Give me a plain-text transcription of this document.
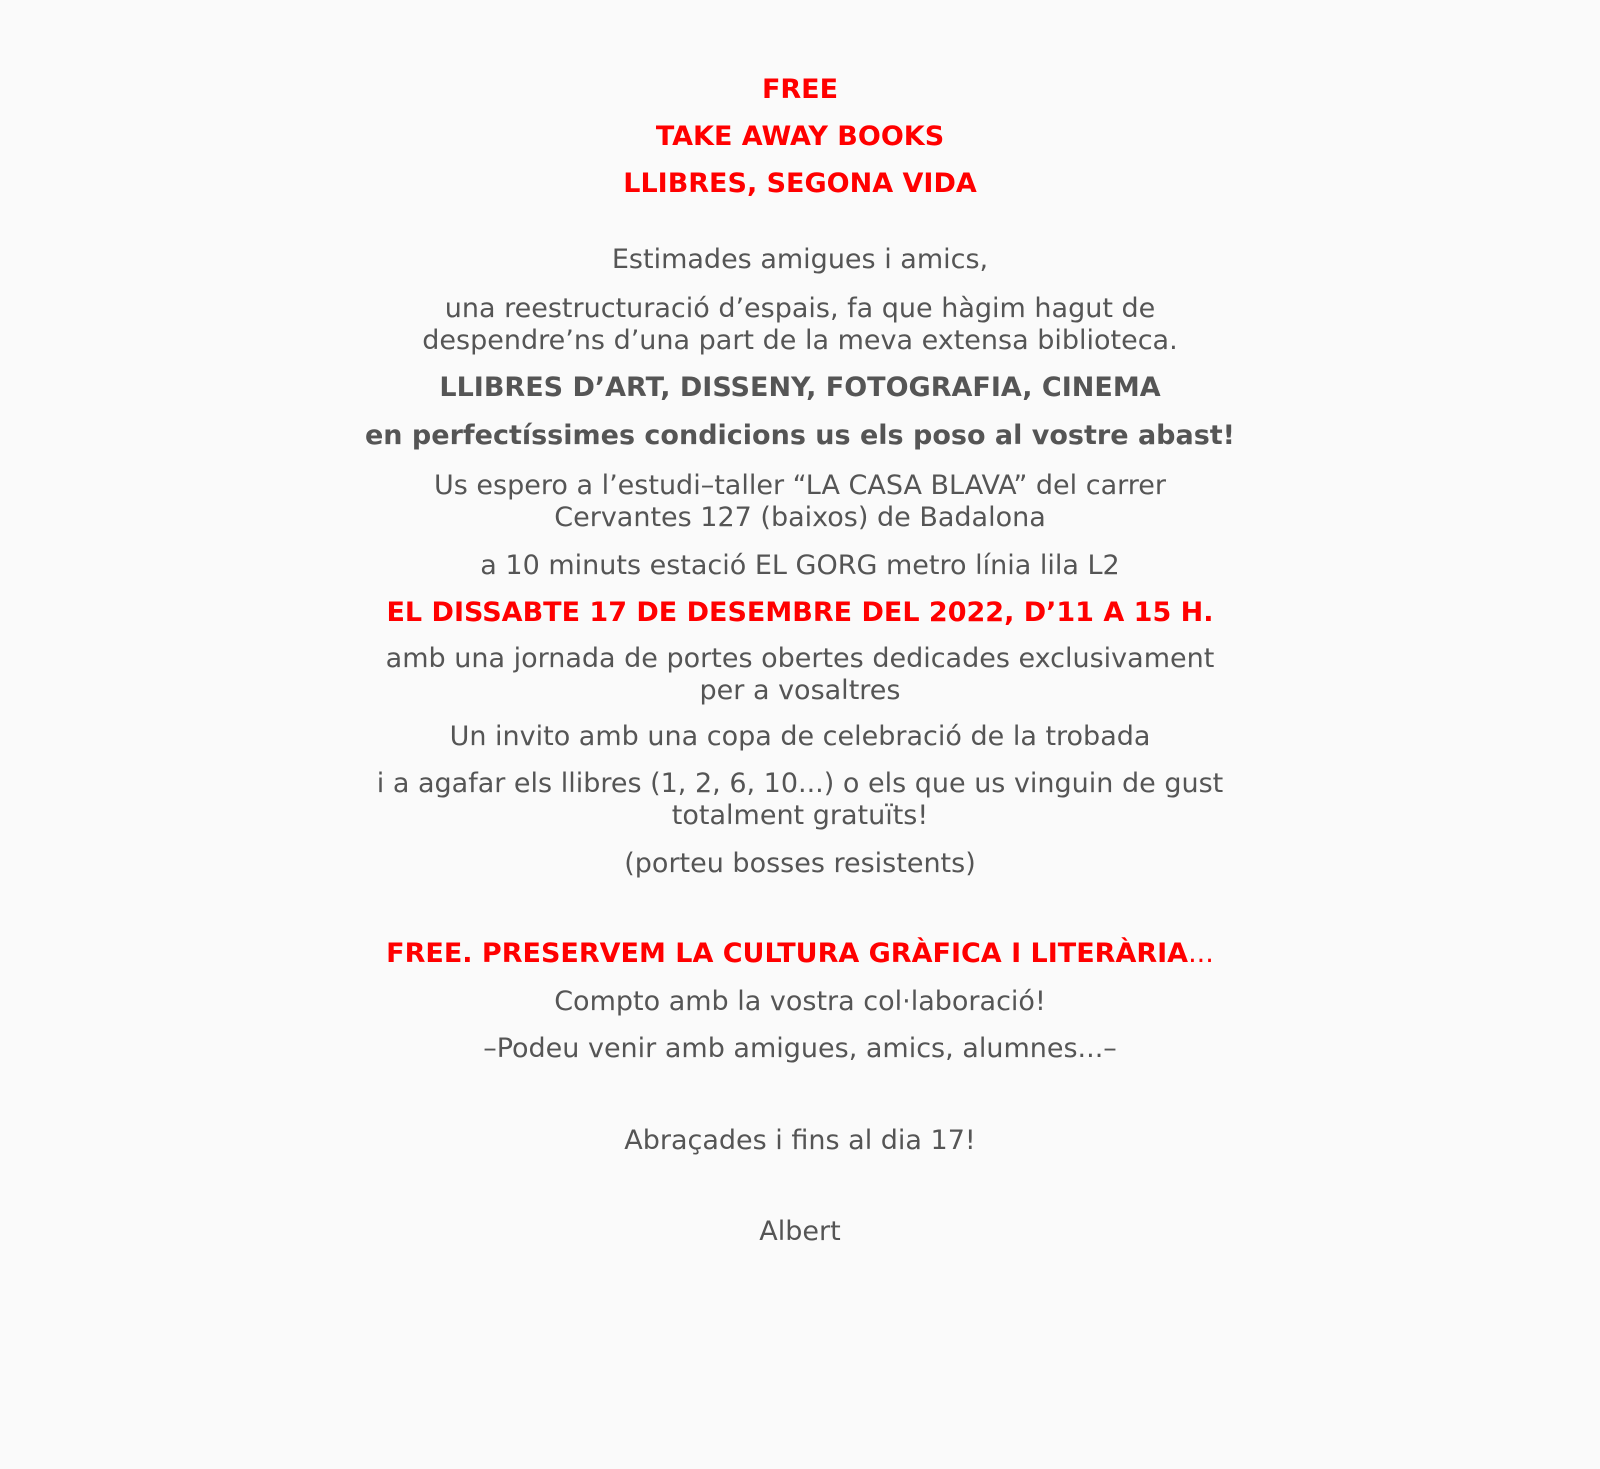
FREE

TAKE AWAY BOOKS

LLIBRES, SEGONA VIDA

Estimades amigues i amics,

una reestructuració d’espais, fa que hàgim hagut de

despendre’ns d’una part de la meva extensa biblioteca.

LLIBRES D’ART, DISSENY, FOTOGRAFIA, CINEMA

en perfectíssimes condicions us els poso al vostre abast!

Us espero a l’estudi–taller “LA CASA BLAVA” del carrer

Cervantes 127 (baixos) de Badalona

a 10 minuts estació EL GORG metro línia lila L2

EL DISSABTE 17 DE DESEMBRE DEL 2022, D’11 A 15 H.

amb una jornada de portes obertes dedicades exclusivament

per a vosaltres

Un invito amb una copa de celebració de la trobada

i a agafar els llibres (1, 2, 6, 10...) o els que us vinguin de gust

totalment gratuïts!

(porteu bosses resistents)

FREE. PRESERVEM LA CULTURA GRÀFICA I LITERÀRIA...

Compto amb la vostra col·laboració!

–Podeu venir amb amigues, amics, alumnes...–

Abraçades i fins al dia 17!

Albert
